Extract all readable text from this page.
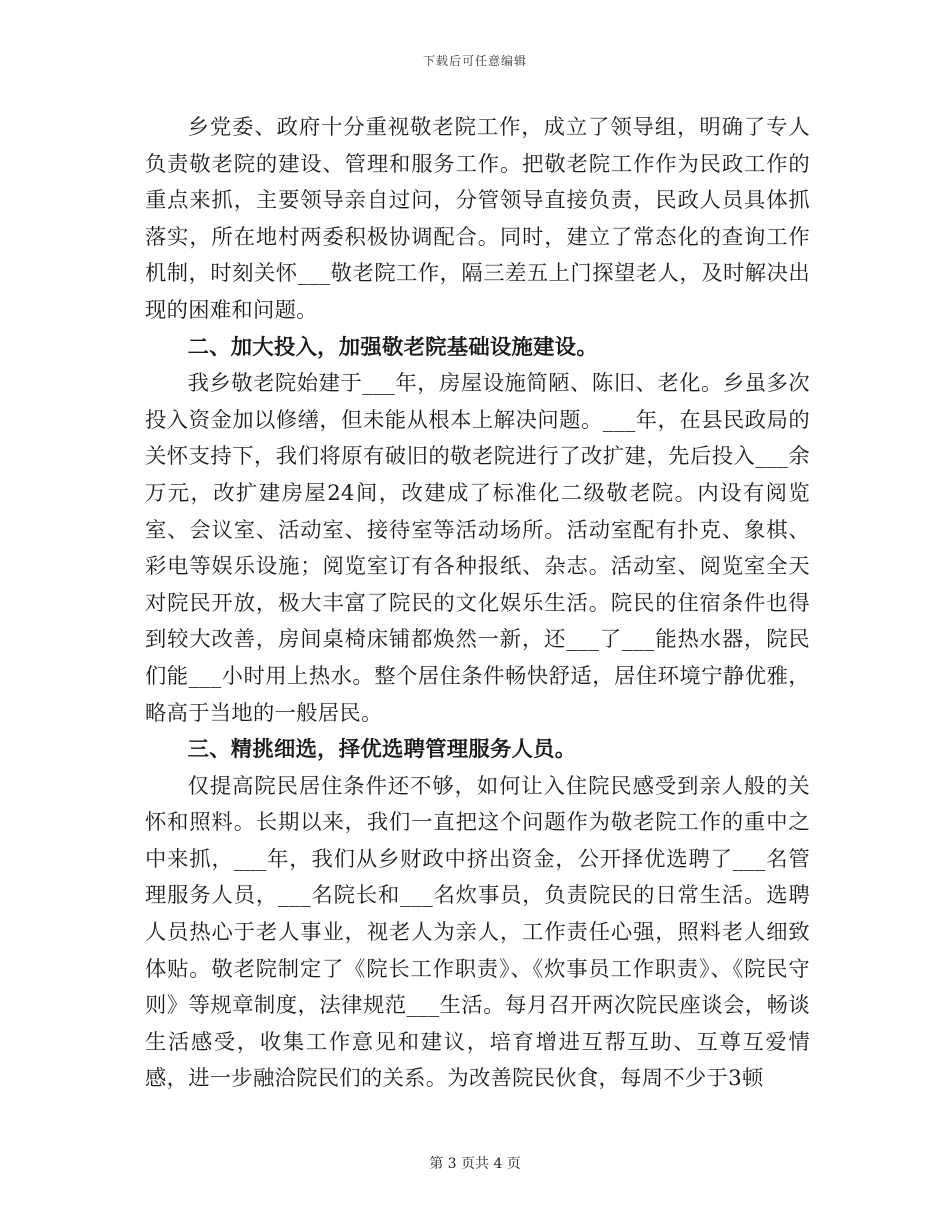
下载后可任意编辑

乡党委、政府十分重视敬老院工作，成立了领导组，明确了专人负责敬老院的建设、管理和服务工作。把敬老院工作作为民政工作的重点来抓，主要领导亲自过问，分管领导直接负责，民政人员具体抓落实，所在地村两委积极协调配合。同时，建立了常态化的查询工作机制，时刻关怀___敬老院工作，隔三差五上门探望老人，及时解决出现的困难和问题。

二、加大投入，加强敬老院基础设施建设。

我乡敬老院始建于___年，房屋设施简陋、陈旧、老化。乡虽多次投入资金加以修缮，但未能从根本上解决问题。___年，在县民政局的关怀支持下，我们将原有破旧的敬老院进行了改扩建，先后投入___余万元，改扩建房屋24间，改建成了标准化二级敬老院。内设有阅览室、会议室、活动室、接待室等活动场所。活动室配有扑克、象棋、彩电等娱乐设施；阅览室订有各种报纸、杂志。活动室、阅览室全天对院民开放，极大丰富了院民的文化娱乐生活。院民的住宿条件也得到较大改善，房间桌椅床铺都焕然一新，还___了___能热水器，院民们能___小时用上热水。整个居住条件畅快舒适，居住环境宁静优雅，略高于当地的一般居民。

三、精挑细选，择优选聘管理服务人员。

仅提高院民居住条件还不够，如何让入住院民感受到亲人般的关怀和照料。长期以来，我们一直把这个问题作为敬老院工作的重中之中来抓，___年，我们从乡财政中挤出资金，公开择优选聘了___名管理服务人员，___名院长和___名炊事员，负责院民的日常生活。选聘人员热心于老人事业，视老人为亲人，工作责任心强，照料老人细致体贴。敬老院制定了《院长工作职责》、《炊事员工作职责》、《院民守则》等规章制度，法律规范___生活。每月召开两次院民座谈会，畅谈生活感受，收集工作意见和建议，培育增进互帮互助、互尊互爱情感，进一步融洽院民们的关系。为改善院民伙食，每周不少于3顿

第 3 页共 4 页
